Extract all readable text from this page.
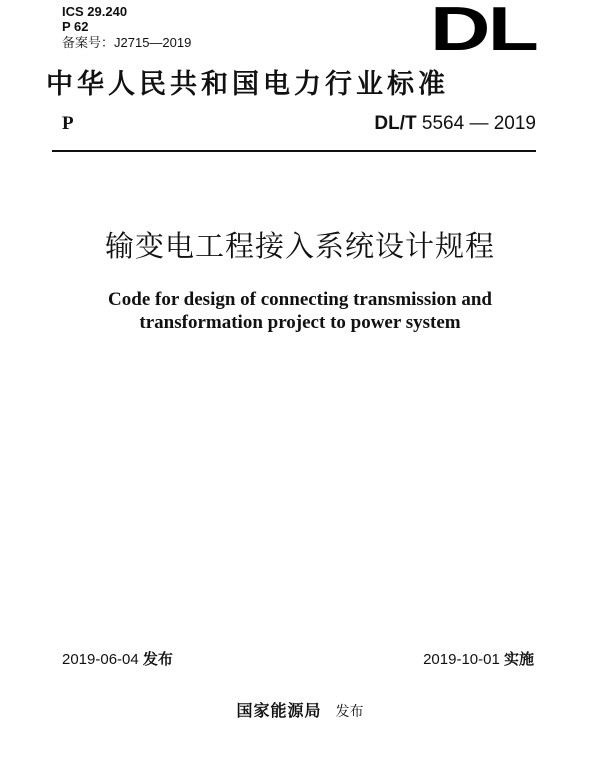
ICS 29.240
P 62
备案号：J2715—2019	DL
中华人民共和国电力行业标准
P	DL/T 5564 — 2019
输变电工程接入系统设计规程
Code for design of connecting transmission and
transformation project to power system
2019-06-04 发布	2019-10-01 实施
国家能源局 发布
